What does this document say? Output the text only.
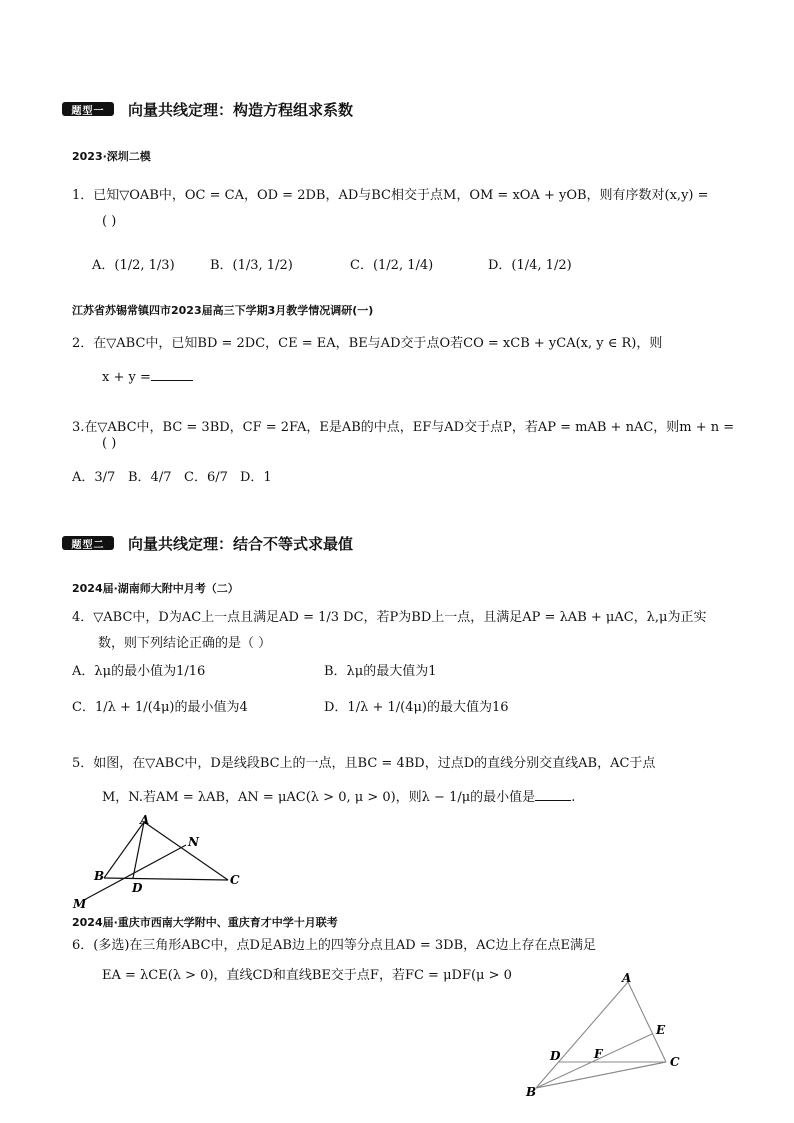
题型一	向量共线定理：构造方程组求系数
2023·深圳二模
1．已知▽OAB中，OC = CA，OD = 2DB，AD与BC相交于点M，OM = xOA + yOB，则有序数对(x,y) =
( )
A．(1/2, 1/3)	B．(1/3, 1/2)	C．(1/2, 1/4)	D．(1/4, 1/2)
江苏省苏锡常镇四市2023届高三下学期3月教学情况调研(一)
2．在▽ABC中，已知BD = 2DC，CE = EA，BE与AD交于点O若CO = xCB + yCA(x, y ∈ R)，则
x + y =
3.在▽ABC中，BC = 3BD，CF = 2FA，E是AB的中点，EF与AD交于点P，若AP = mAB + nAC，则m + n =
( )
A．3/7 B．4/7 C．6/7 D．1
题型二	向量共线定理：结合不等式求最值
2024届·湖南师大附中月考（二）
4．▽ABC中，D为AC上一点且满足AD = 1/3 DC，若P为BD上一点，且满足AP = λAB + μAC，λ,μ为正实
数，则下列结论正确的是（ ）
A．λμ的最小值为1/16	B．λμ的最大值为1
C．1/λ + 1/(4μ)的最小值为4	D．1/λ + 1/(4μ)的最大值为16
5．如图，在▽ABC中，D是线段BC上的一点，且BC = 4BD，过点D的直线分别交直线AB，AC于点
M，N.若AM = λAB，AN = μAC(λ > 0, μ > 0)，则λ − 1/μ的最小值是	.
A
N
B
D
C
M
2024届·重庆市西南大学附中、重庆育才中学十月联考
6．(多选)在三角形ABC中，点D足AB边上的四等分点且AD = 3DB，AC边上存在点E满足
EA = λCE(λ > 0)，直线CD和直线BE交于点F，若FC = μDF(μ > 0	A
E
D	F
C
B
